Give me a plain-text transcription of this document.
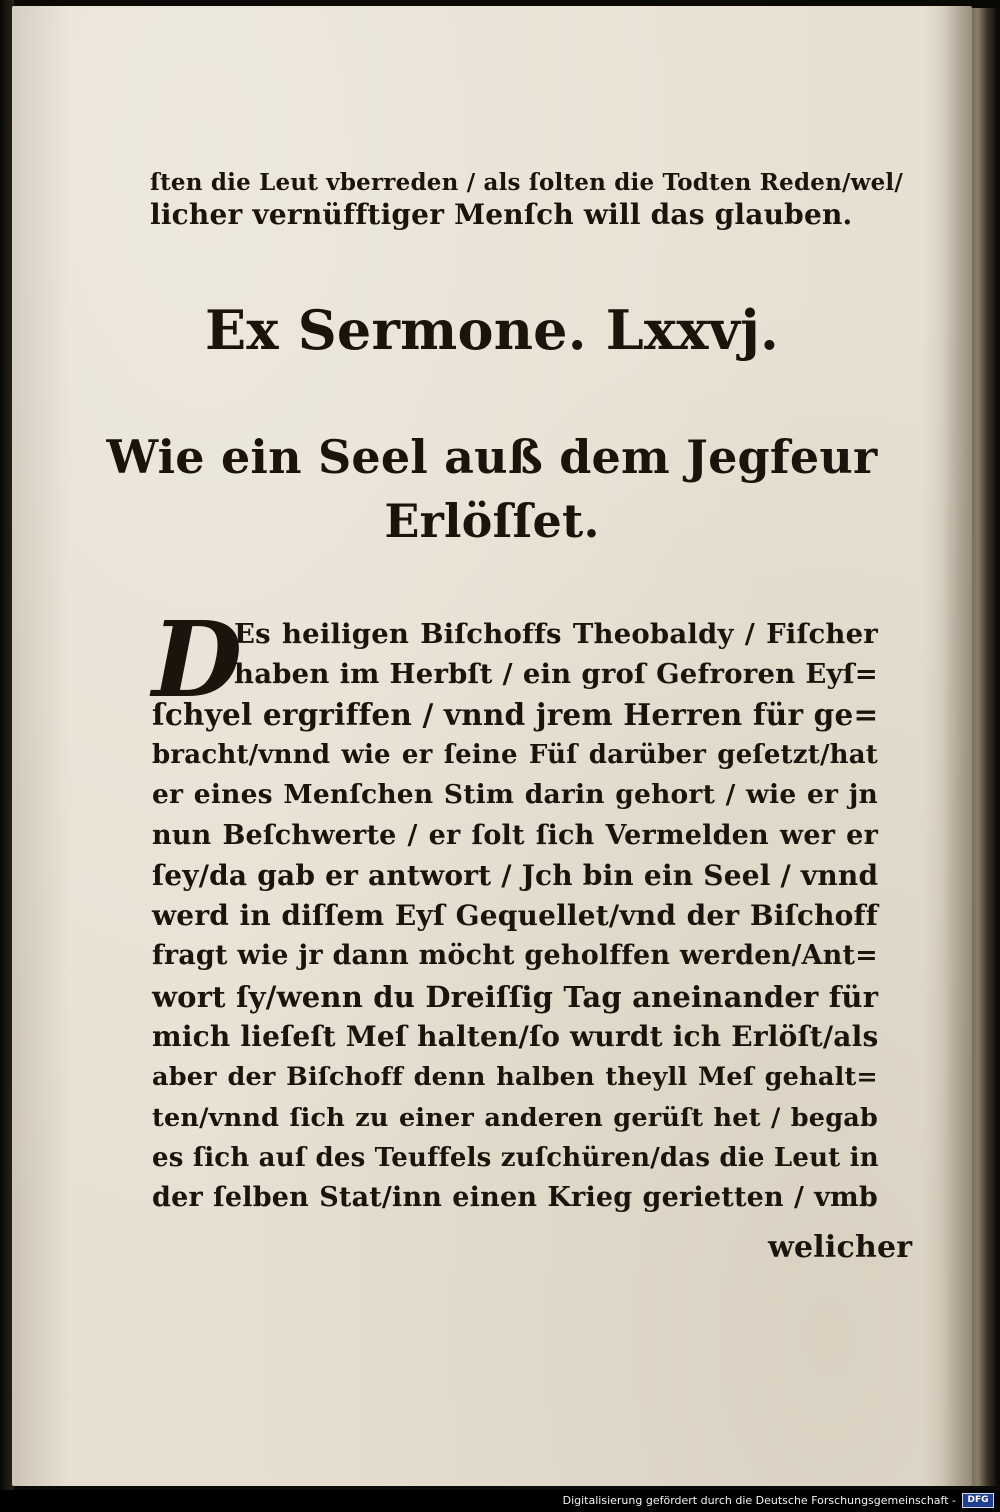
ſten die Leut vberreden / als ſolten die Todten Reden/wel/
licher vernüfftiger Menſch will das glauben.
Ex Sermone. Lxxvj.
Wie ein Seel auß dem Jegfeur
Erlöſſet.
D
Es heiligen Biſchoffs Theobaldy / Fiſcher
haben im Herbſt / ein groſ Gefroren Eyſ=
ſchyel ergriffen / vnnd jrem Herren für ge=
bracht/vnnd wie er ſeine Füſ darüber geſetzt/hat
er eines Menſchen Stim darin gehort / wie er jn
nun Beſchwerte / er ſolt ſich Vermelden wer er
ſey/da gab er antwort / Jch bin ein Seel / vnnd
werd in diſſem Eyſ Gequellet/vnd der Biſchoff
fragt wie jr dann möcht geholffen werden/Ant=
wort ſy/wenn du Dreiſſig Tag aneinander für
mich lieſeſt Meſ halten/ſo wurdt ich Erlöſt/als
aber der Biſchoff denn halben theyll Meſ gehalt=
ten/vnnd ſich zu einer anderen gerüſt het / begab
es ſich auſ des Teuffels zuſchüren/das die Leut in
der ſelben Stat/inn einen Krieg gerietten / vmb
welicher
Digitalisierung gefördert durch die Deutsche Forschungsgemeinschaft -	DFG
